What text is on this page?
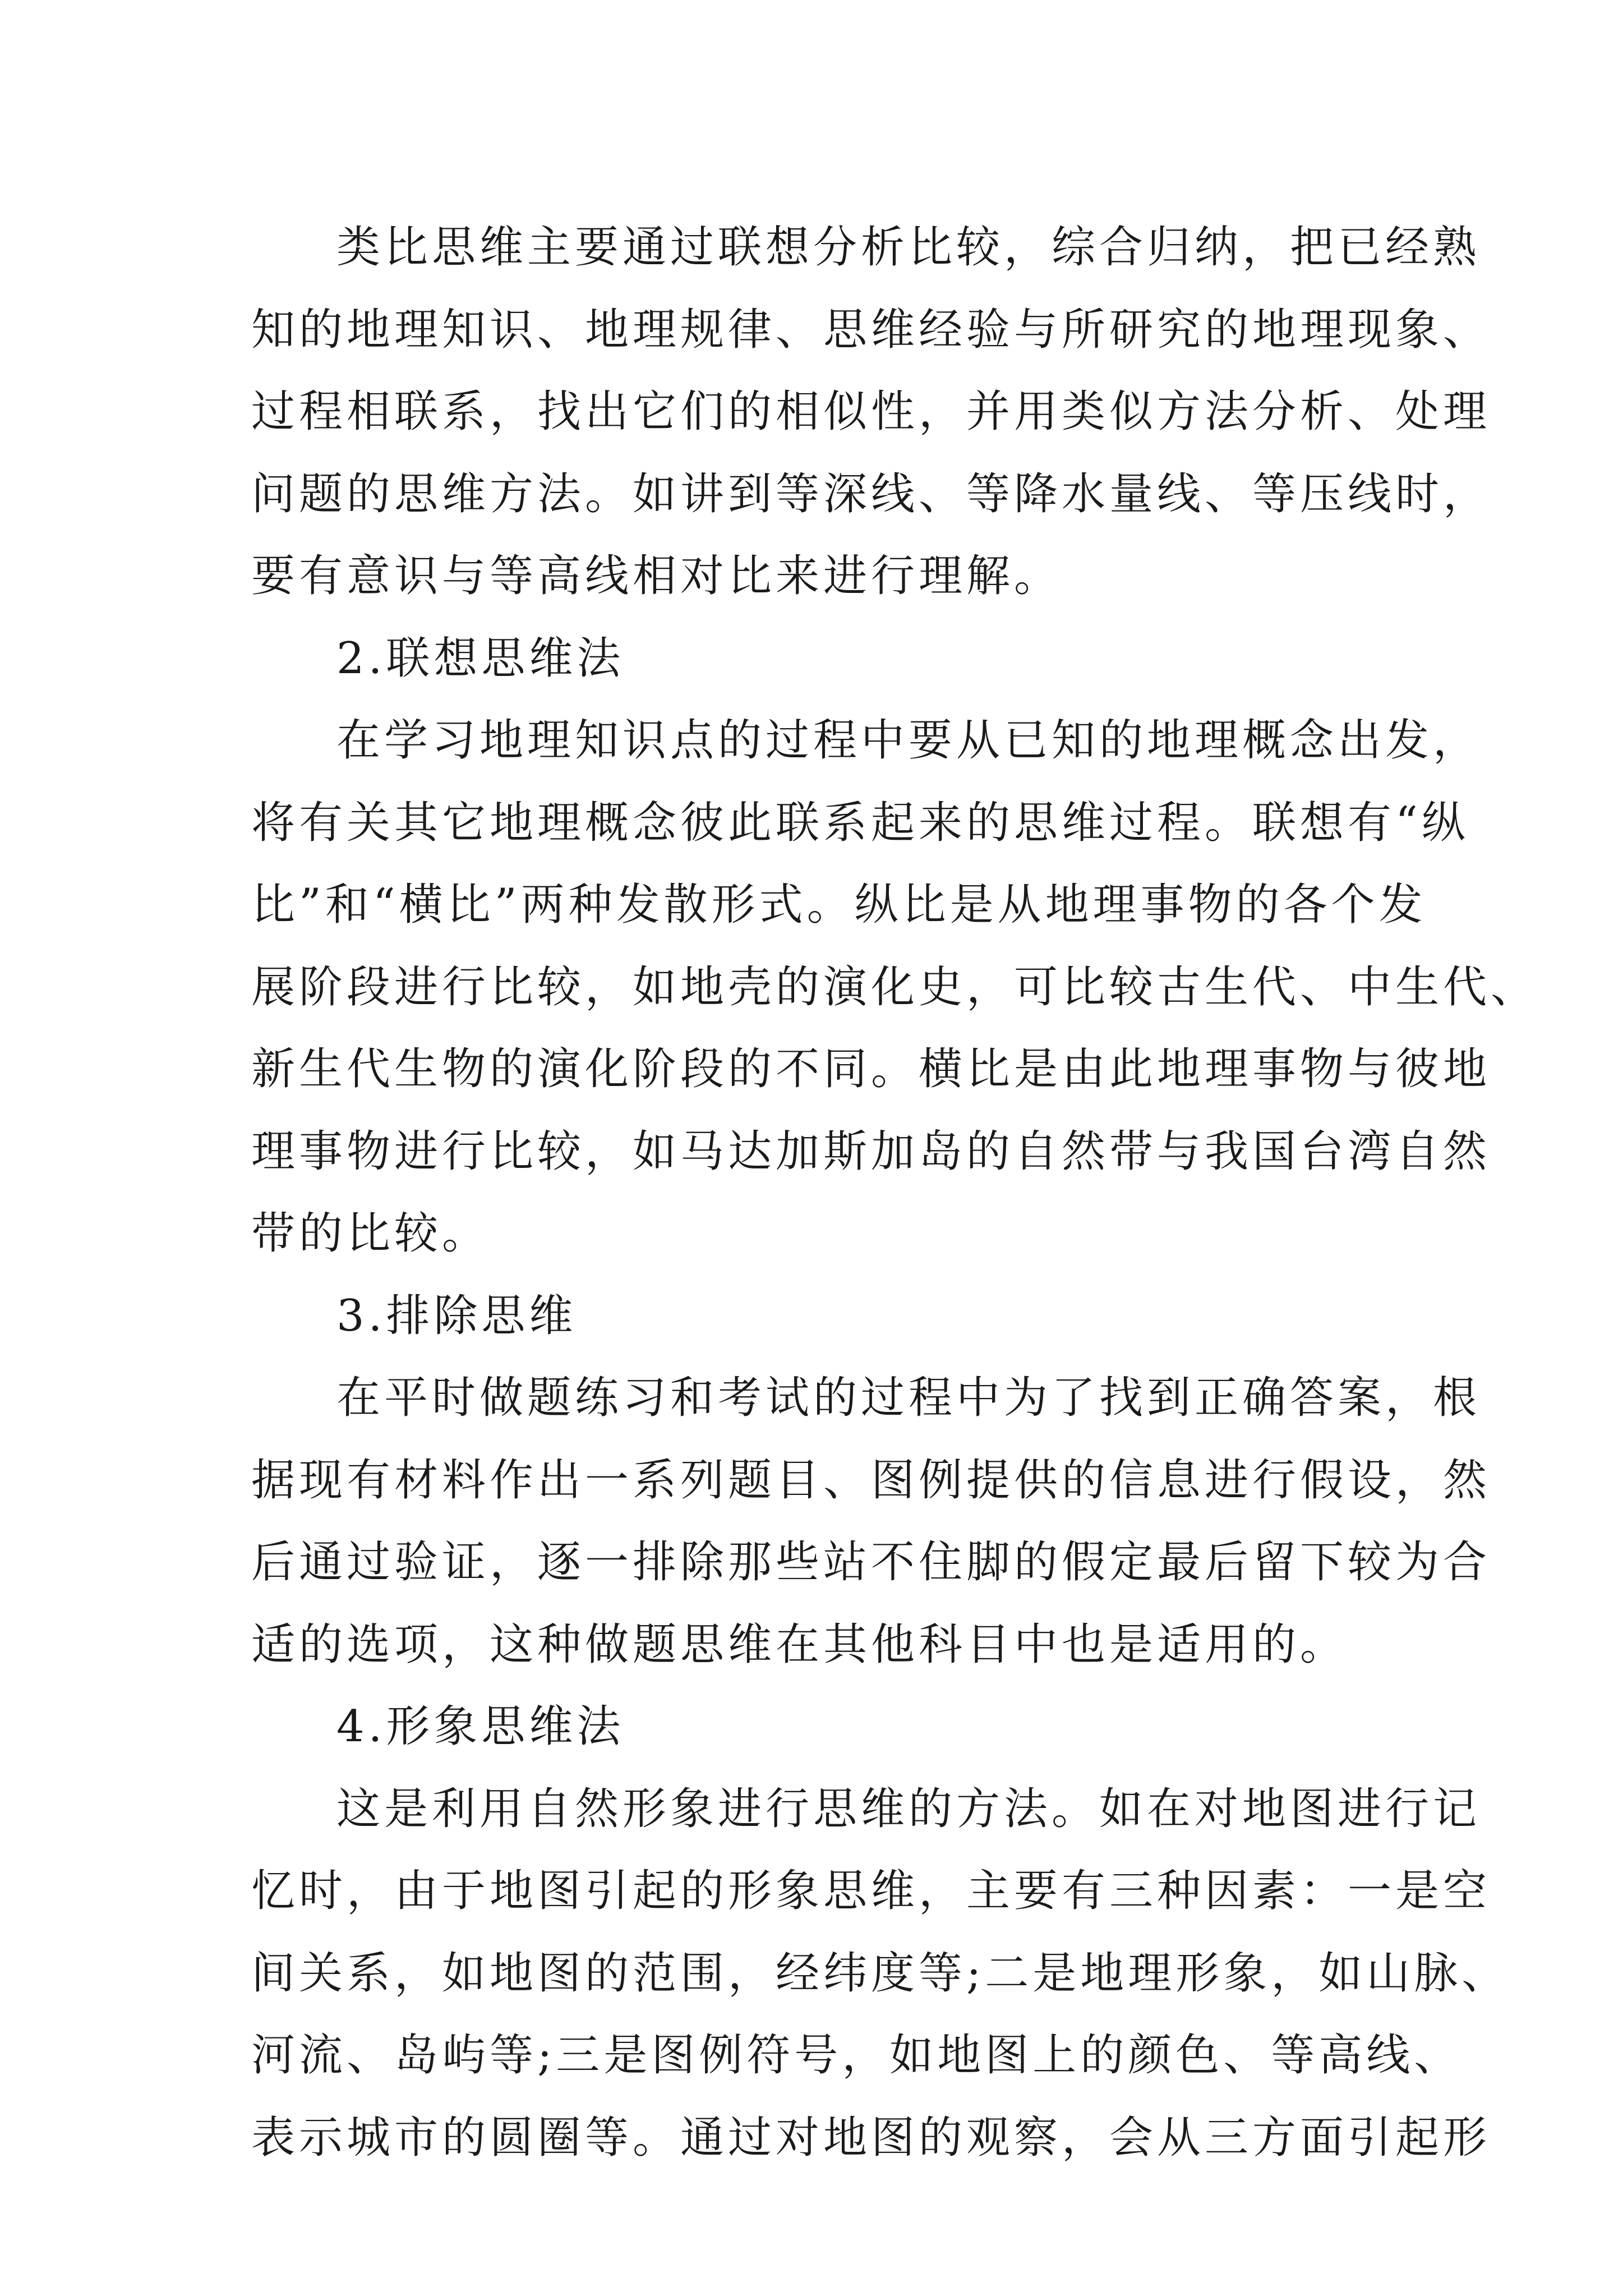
类比思维主要通过联想分析比较，综合归纳，把已经熟
知的地理知识、地理规律、思维经验与所研究的地理现象、
过程相联系，找出它们的相似性，并用类似方法分析、处理
问题的思维方法。如讲到等深线、等降水量线、等压线时，
要有意识与等高线相对比来进行理解。
2.联想思维法
在学习地理知识点的过程中要从已知的地理概念出发，
将有关其它地理概念彼此联系起来的思维过程。联想有“纵
比”和“横比”两种发散形式。纵比是从地理事物的各个发
展阶段进行比较，如地壳的演化史，可比较古生代、中生代、
新生代生物的演化阶段的不同。横比是由此地理事物与彼地
理事物进行比较，如马达加斯加岛的自然带与我国台湾自然
带的比较。
3.排除思维
在平时做题练习和考试的过程中为了找到正确答案，根
据现有材料作出一系列题目、图例提供的信息进行假设，然
后通过验证，逐一排除那些站不住脚的假定最后留下较为合
适的选项，这种做题思维在其他科目中也是适用的。
4.形象思维法
这是利用自然形象进行思维的方法。如在对地图进行记
忆时，由于地图引起的形象思维，主要有三种因素：一是空
间关系，如地图的范围，经纬度等;二是地理形象，如山脉、
河流、岛屿等;三是图例符号，如地图上的颜色、等高线、
表示城市的圆圈等。通过对地图的观察，会从三方面引起形
